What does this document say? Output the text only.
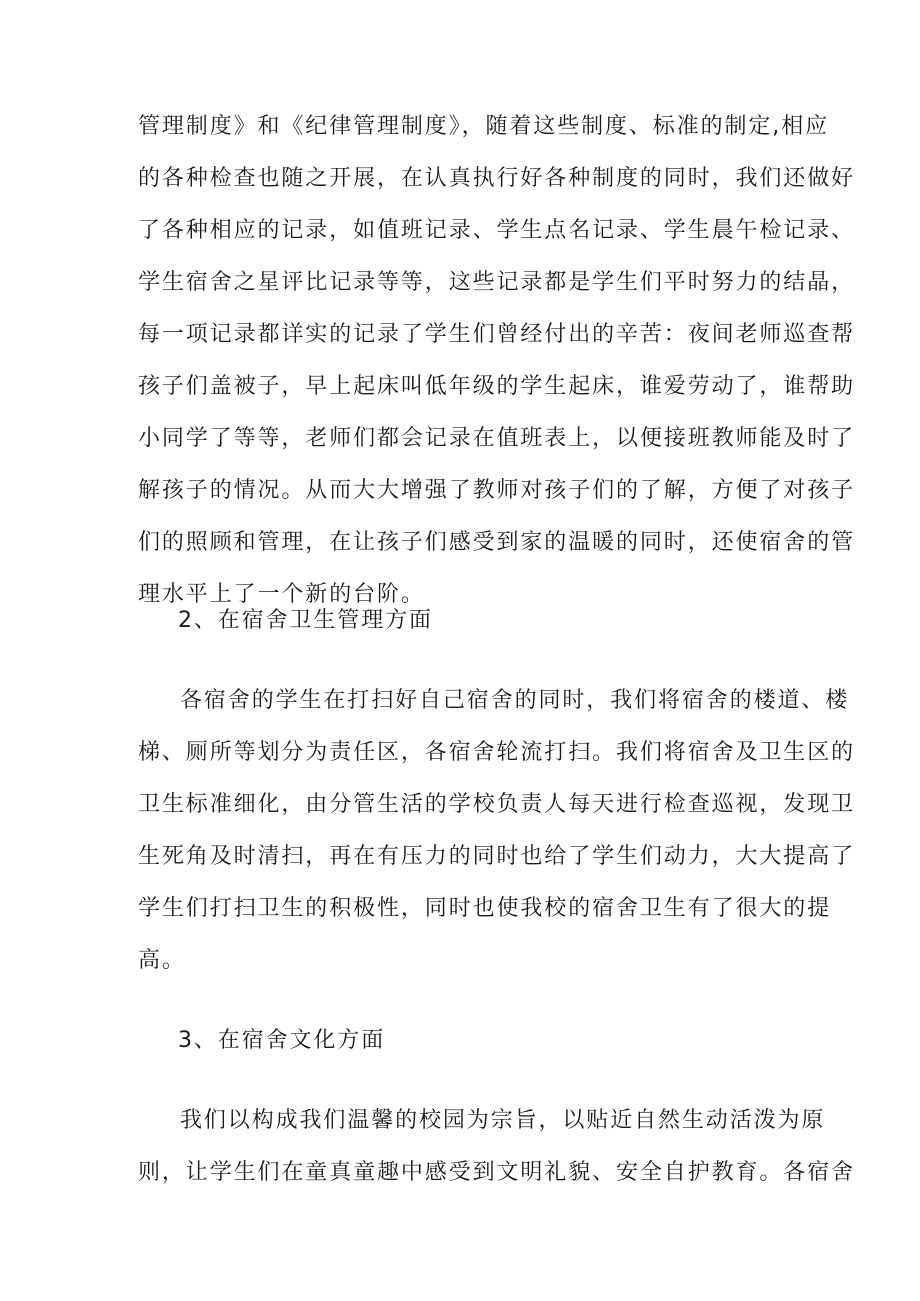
管理制度》和《纪律管理制度》，随着这些制度、标准的制定,相应
的各种检查也随之开展，在认真执行好各种制度的同时，我们还做好
了各种相应的记录，如值班记录、学生点名记录、学生晨午检记录、
学生宿舍之星评比记录等等，这些记录都是学生们平时努力的结晶，
每一项记录都详实的记录了学生们曾经付出的辛苦：夜间老师巡查帮
孩子们盖被子，早上起床叫低年级的学生起床，谁爱劳动了，谁帮助
小同学了等等，老师们都会记录在值班表上，以便接班教师能及时了
解孩子的情况。从而大大增强了教师对孩子们的了解，方便了对孩子
们的照顾和管理，在让孩子们感受到家的温暖的同时，还使宿舍的管
理水平上了一个新的台阶。
2、在宿舍卫生管理方面
各宿舍的学生在打扫好自己宿舍的同时，我们将宿舍的楼道、楼
梯、厕所等划分为责任区，各宿舍轮流打扫。我们将宿舍及卫生区的
卫生标准细化，由分管生活的学校负责人每天进行检查巡视，发现卫
生死角及时清扫，再在有压力的同时也给了学生们动力，大大提高了
学生们打扫卫生的积极性，同时也使我校的宿舍卫生有了很大的提
高。
3、在宿舍文化方面
我们以构成我们温馨的校园为宗旨，以贴近自然生动活泼为原
则，让学生们在童真童趣中感受到文明礼貌、安全自护教育。各宿舍
